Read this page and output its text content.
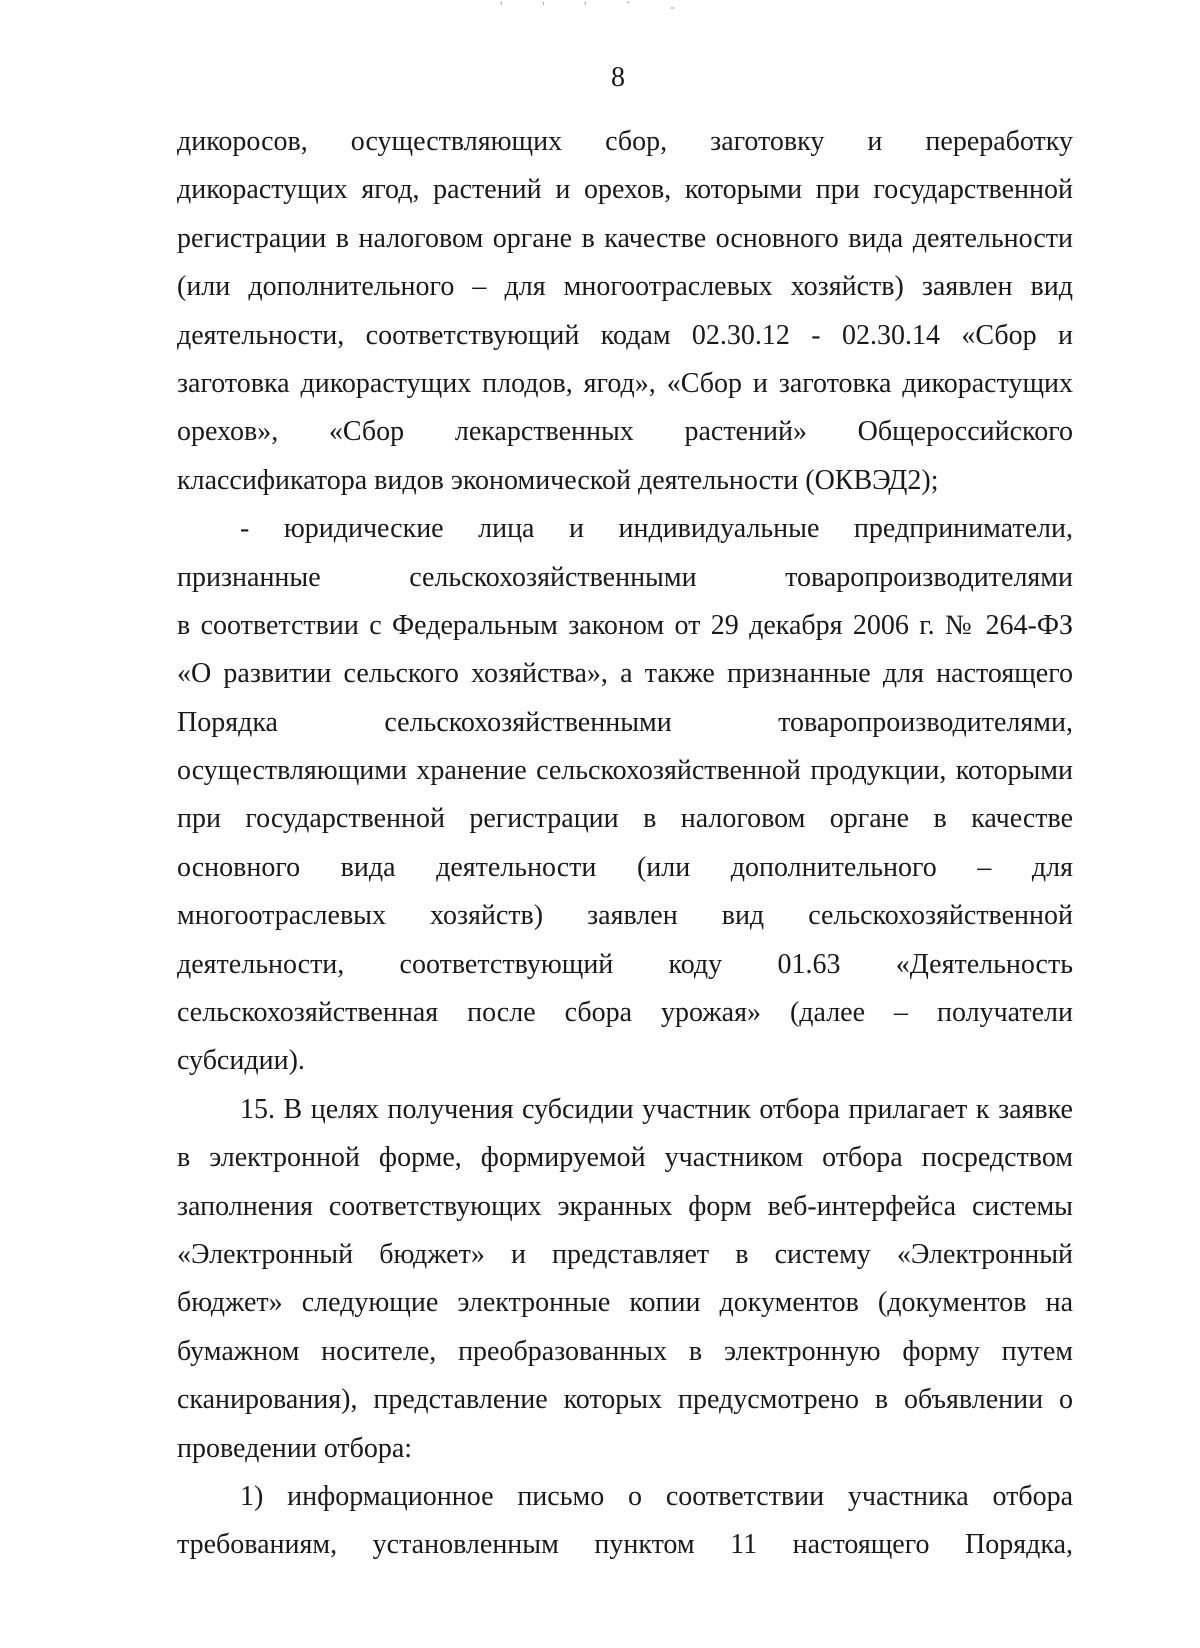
' ' ' ` -
8
дикоросов, осуществляющих сбор, заготовку и переработку
дикорастущих ягод, растений и орехов, которыми при государственной
регистрации в налоговом органе в качестве основного вида деятельности
(или дополнительного – для многоотраслевых хозяйств) заявлен вид
деятельности, соответствующий кодам 02.30.12 - 02.30.14 «Сбор и
заготовка дикорастущих плодов, ягод», «Сбор и заготовка дикорастущих
орехов», «Сбор лекарственных растений» Общероссийского
классификатора видов экономической деятельности (ОКВЭД2);
- юридические лица и индивидуальные предприниматели,
признанные сельскохозяйственными товаропроизводителями
в соответствии с Федеральным законом от 29 декабря 2006 г. № 264-ФЗ
«О развитии сельского хозяйства», а также признанные для настоящего
Порядка сельскохозяйственными товаропроизводителями,
осуществляющими хранение сельскохозяйственной продукции, которыми
при государственной регистрации в налоговом органе в качестве
основного вида деятельности (или дополнительного – для
многоотраслевых хозяйств) заявлен вид сельскохозяйственной
деятельности, соответствующий коду 01.63 «Деятельность
сельскохозяйственная после сбора урожая» (далее – получатели
субсидии).
15. В целях получения субсидии участник отбора прилагает к заявке
в электронной форме, формируемой участником отбора посредством
заполнения соответствующих экранных форм веб-интерфейса системы
«Электронный бюджет» и представляет в систему «Электронный
бюджет» следующие электронные копии документов (документов на
бумажном носителе, преобразованных в электронную форму путем
сканирования), представление которых предусмотрено в объявлении о
проведении отбора:
1) информационное письмо о соответствии участника отбора
требованиям, установленным пунктом 11 настоящего Порядка,
